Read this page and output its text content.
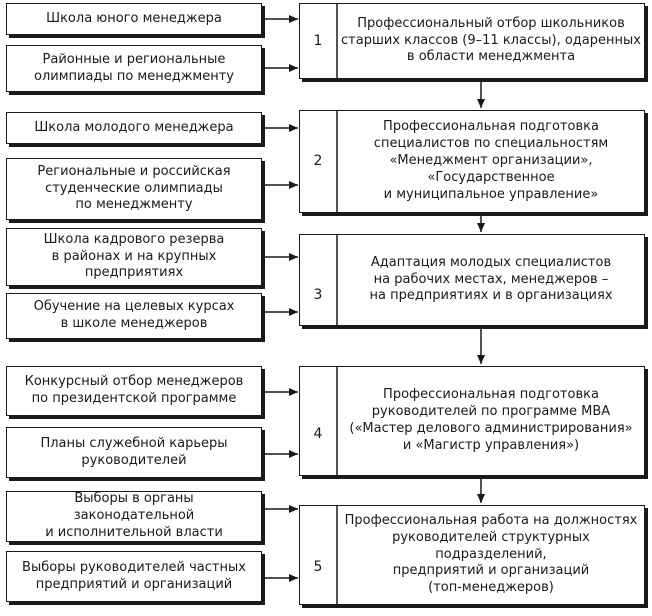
Школа юного менеджера
Районные и региональные
олимпиады по менеджменту
Школа молодого менеджера
Региональные и российская
студенческие олимпиады
по менеджменту
Школа кадрового резерва
в районах и на крупных
предприятиях
Обучение на целевых курсах
в школе менеджеров
Конкурсный отбор менеджеров
по президентской программе
Планы служебной карьеры
руководителей
Выборы в органы законодательной
и исполнительной власти
Выборы руководителей частных
предприятий и организаций
1
2
3
4
5
Профессиональный отбор школьников
старших классов (9–11 классы), одаренных
в области менеджмента
Профессиональная подготовка
специалистов по специальностям
«Менеджмент организации»,
«Государственное
и муниципальное управление»
Адаптация молодых специалистов
на рабочих местах, менеджеров –
на предприятиях и в организациях
Профессиональная подготовка
руководителей по программе МВА
(«Мастер делового администрирования»
и «Магистр управления»)
Профессиональная работа на должностях
руководителей структурных подразделений,
предприятий и организаций
(топ-менеджеров)
